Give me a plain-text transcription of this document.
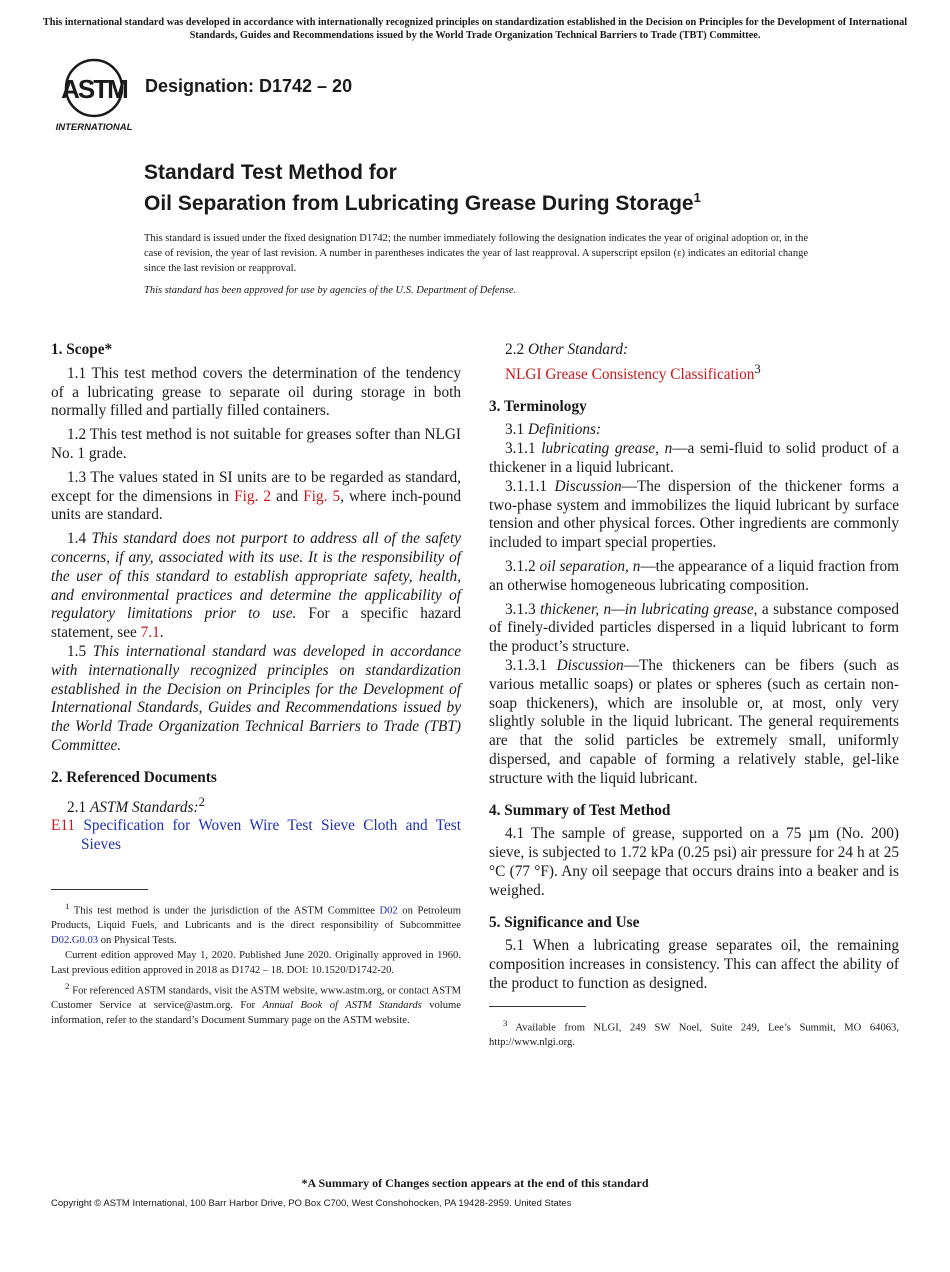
This international standard was developed in accordance with internationally recognized principles on standardization established in the Decision on Principles for the Development of International Standards, Guides and Recommendations issued by the World Trade Organization Technical Barriers to Trade (TBT) Committee.
ASTM
INTERNATIONAL
Designation: D1742 – 20
Standard Test Method for
Oil Separation from Lubricating Grease During Storage$^1$
This standard is issued under the fixed designation D1742; the number immediately following the designation indicates the year of original adoption or, in the case of revision, the year of last revision. A number in parentheses indicates the year of last reapproval. A superscript epsilon (ε) indicates an editorial change since the last revision or reapproval.
This standard has been approved for use by agencies of the U.S. Department of Defense.
1. Scope*

1.1 This test method covers the determination of the tendency of a lubricating grease to separate oil during storage in both normally filled and partially filled containers.

1.2 This test method is not suitable for greases softer than NLGI No. 1 grade.

1.3 The values stated in SI units are to be regarded as standard, except for the dimensions in Fig. 2 and Fig. 5, where inch-pound units are standard.

1.4 This standard does not purport to address all of the safety concerns, if any, associated with its use. It is the responsibility of the user of this standard to establish appropriate safety, health, and environmental practices and determine the applicability of regulatory limitations prior to use. For a specific hazard statement, see 7.1.

1.5 This international standard was developed in accordance with internationally recognized principles on standardization established in the Decision on Principles for the Development of International Standards, Guides and Recommendations issued by the World Trade Organization Technical Barriers to Trade (TBT) Committee.

2. Referenced Documents

2.1 ASTM Standards:$^2$

E11 Specification for Woven Wire Test Sieve Cloth and Test Sieves

2.2 Other Standard:

NLGI Grease Consistency Classification$^3$

3. Terminology

3.1 Definitions:

3.1.1 lubricating grease, n—a semi-fluid to solid product of a thickener in a liquid lubricant.

3.1.1.1 Discussion—The dispersion of the thickener forms a two-phase system and immobilizes the liquid lubricant by surface tension and other physical forces. Other ingredients are commonly included to impart special properties.

3.1.2 oil separation, n—the appearance of a liquid fraction from an otherwise homogeneous lubricating composition.

3.1.3 thickener, n—in lubricating grease, a substance composed of finely-divided particles dispersed in a liquid lubricant to form the product’s structure.

3.1.3.1 Discussion—The thickeners can be fibers (such as various metallic soaps) or plates or spheres (such as certain non-soap thickeners), which are insoluble or, at most, only very slightly soluble in the liquid lubricant. The general requirements are that the solid particles be extremely small, uniformly dispersed, and capable of forming a relatively stable, gel-like structure with the liquid lubricant.

4. Summary of Test Method

4.1 The sample of grease, supported on a 75 µm (No. 200) sieve, is subjected to 1.72 kPa (0.25 psi) air pressure for 24 h at 25 °C (77 °F). Any oil seepage that occurs drains into a beaker and is weighed.

5. Significance and Use

5.1 When a lubricating grease separates oil, the remaining composition increases in consistency. This can affect the ability of the product to function as designed.

$^1$ This test method is under the jurisdiction of the ASTM Committee D02 on Petroleum Products, Liquid Fuels, and Lubricants and is the direct responsibility of Subcommittee D02.G0.03 on Physical Tests.

Current edition approved May 1, 2020. Published June 2020. Originally approved in 1960. Last previous edition approved in 2018 as D1742 – 18. DOI: 10.1520/D1742-20.

$^2$ For referenced ASTM standards, visit the ASTM website, www.astm.org, or contact ASTM Customer Service at service@astm.org. For Annual Book of ASTM Standards volume information, refer to the standard’s Document Summary page on the ASTM website.	$^3$ Available from NLGI, 249 SW Noel, Suite 249, Lee’s Summit, MO 64063, http://www.nlgi.org.

*A Summary of Changes section appears at the end of this standard
Copyright © ASTM International, 100 Barr Harbor Drive, PO Box C700, West Conshohocken, PA 19428-2959. United States
